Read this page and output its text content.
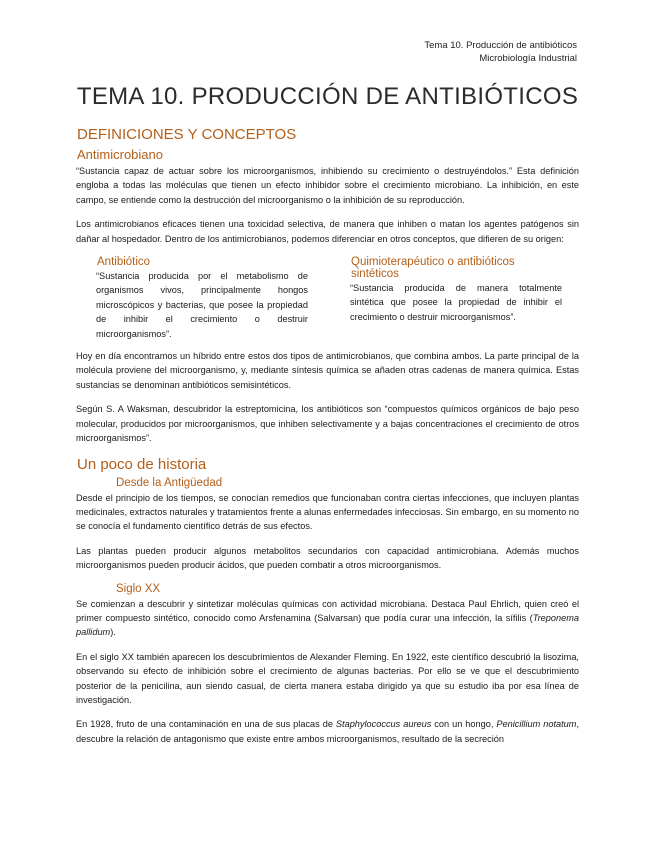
Tema 10. Producción de antibióticos
Microbiología Industrial
TEMA 10. PRODUCCIÓN DE ANTIBIÓTICOS
DEFINICIONES Y CONCEPTOS
Antimicrobiano

“Sustancia capaz de actuar sobre los microorganismos, inhibiendo su crecimiento o destruyéndolos.” Esta definición engloba a todas las moléculas que tienen un efecto inhibidor sobre el crecimiento microbiano. La inhibición, en este campo, se entiende como la destrucción del microorganismo o la inhibición de su reproducción.

Los antimicrobianos eficaces tienen una toxicidad selectiva, de manera que inhiben o matan los agentes patógenos sin dañar al hospedador. Dentro de los antimicrobianos, podemos diferenciar en otros conceptos, que difieren de su origen:

Antibiótico

“Sustancia producida por el metabolismo de organismos vivos, principalmente hongos microscópicos y bacterias, que posee la propiedad de inhibir el crecimiento o destruir microorganismos”.

Quimioterapéutico o antibióticos sintéticos

“Sustancia producida de manera totalmente sintética que posee la propiedad de inhibir el crecimiento o destruir microorganismos”.

Hoy en día encontramos un híbrido entre estos dos tipos de antimicrobianos, que combina ambos. La parte principal de la molécula proviene del microorganismo, y, mediante síntesis química se añaden otras cadenas de manera química. Estas sustancias se denominan antibióticos semisintéticos.

Según S. A Waksman, descubridor la estreptomicina, los antibióticos son “compuestos químicos orgánicos de bajo peso molecular, producidos por microorganismos, que inhiben selectivamente y a bajas concentraciones el crecimiento de otros microorganismos”.

Un poco de historia
Desde la Antigüedad

Desde el principio de los tiempos, se conocían remedios que funcionaban contra ciertas infecciones, que incluyen plantas medicinales, extractos naturales y tratamientos frente a alunas enfermedades infecciosas. Sin embargo, en su momento no se conocía el fundamento científico detrás de sus efectos.

Las plantas pueden producir algunos metabolitos secundarios con capacidad antimicrobiana. Además muchos microorganismos pueden producir ácidos, que pueden combatir a otros microorganismos.

Siglo XX

Se comienzan a descubrir y sintetizar moléculas químicas con actividad microbiana. Destaca Paul Ehrlich, quien creó el primer compuesto sintético, conocido como Arsfenamina (Salvarsan) que podía curar una infección, la sífilis (Treponema pallidum).

En el siglo XX también aparecen los descubrimientos de Alexander Fleming. En 1922, este científico descubrió la lisozima, observando su efecto de inhibición sobre el crecimiento de algunas bacterias. Por ello se ve que el descubrimiento posterior de la penicilina, aun siendo casual, de cierta manera estaba dirigido ya que su estudio iba por esa línea de investigación.

En 1928, fruto de una contaminación en una de sus placas de Staphylococcus aureus con un hongo, Penicillium notatum, descubre la relación de antagonismo que existe entre ambos microorganismos, resultado de la secreción
